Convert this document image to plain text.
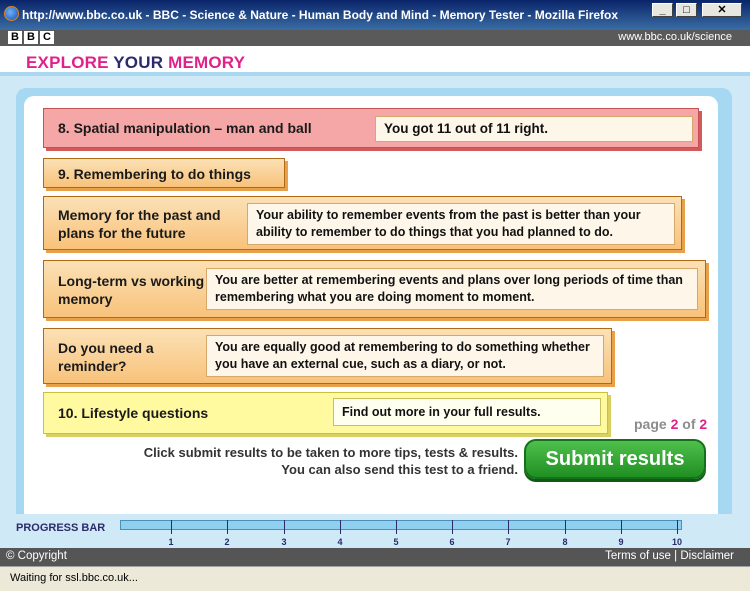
http://www.bbc.co.uk - BBC - Science & Nature - Human Body and Mind - Memory Tester - Mozilla Firefox	_	□	✕
B B C	www.bbc.co.uk/science
EXPLORE YOUR MEMORY
8. Spatial manipulation – man and ball	You got 11 out of 11 right.
9. Remembering to do things
Memory for the past and plans for the future
Your ability to remember events from the past is better than your ability to remember to do things that you had planned to do.
Long-term vs working memory
You are better at remembering events and plans over long periods of time than remembering what you are doing moment to moment.
Do you need a reminder?
You are equally good at remembering to do something whether you have an external cue, such as a diary, or not.
10. Lifestyle questions	Find out more in your full results.
page 2 of 2
Click submit results to be taken to more tips, tests & results.
You can also send this test to a friend.	Submit results
PROGRESS BAR
1	2	3	4	5	6	7	8	9	10
© Copyright	Terms of use | Disclaimer
Waiting for ssl.bbc.co.uk...
